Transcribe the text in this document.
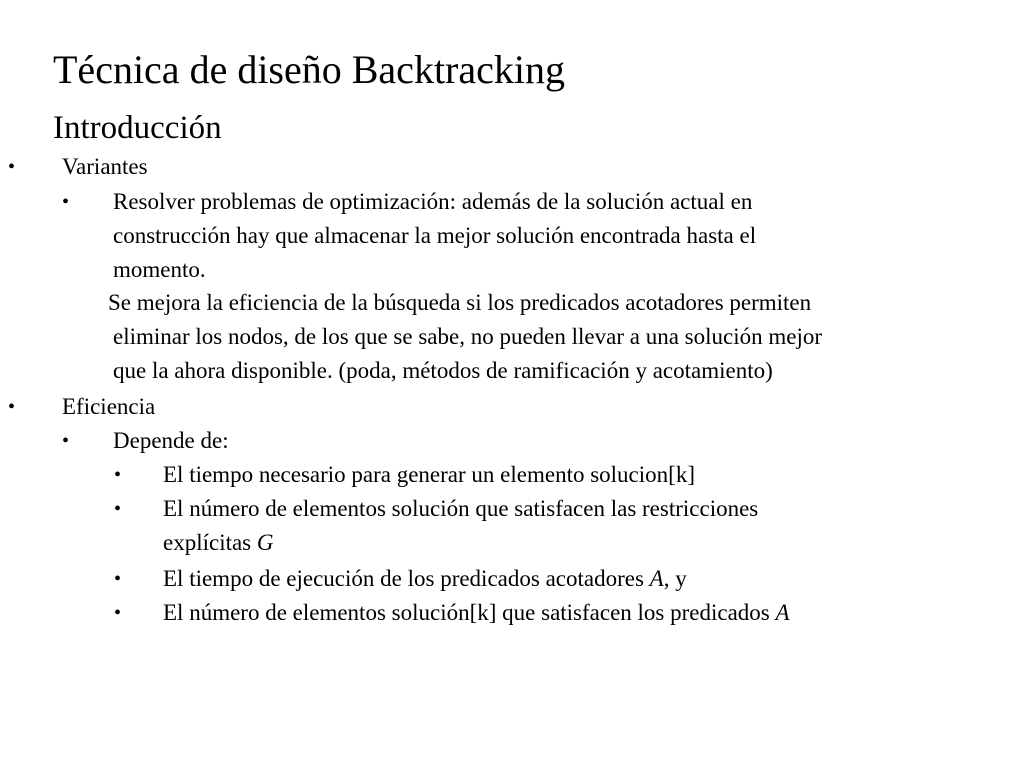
Técnica de diseño Backtracking
Introducción
• Variantes
• Resolver problemas de optimización: además de la solución actual en
construcción hay que almacenar la mejor solución encontrada hasta el
momento.
Se mejora la eficiencia de la búsqueda si los predicados acotadores permiten
eliminar los nodos, de los que se sabe, no pueden llevar a una solución mejor
que la ahora disponible. (poda, métodos de ramificación y acotamiento)
• Eficiencia
• Depende de:
• El tiempo necesario para generar un elemento solucion[k]
• El número de elementos solución que satisfacen las restricciones
explícitas G
• El tiempo de ejecución de los predicados acotadores A, y
• El número de elementos solución[k] que satisfacen los predicados A
